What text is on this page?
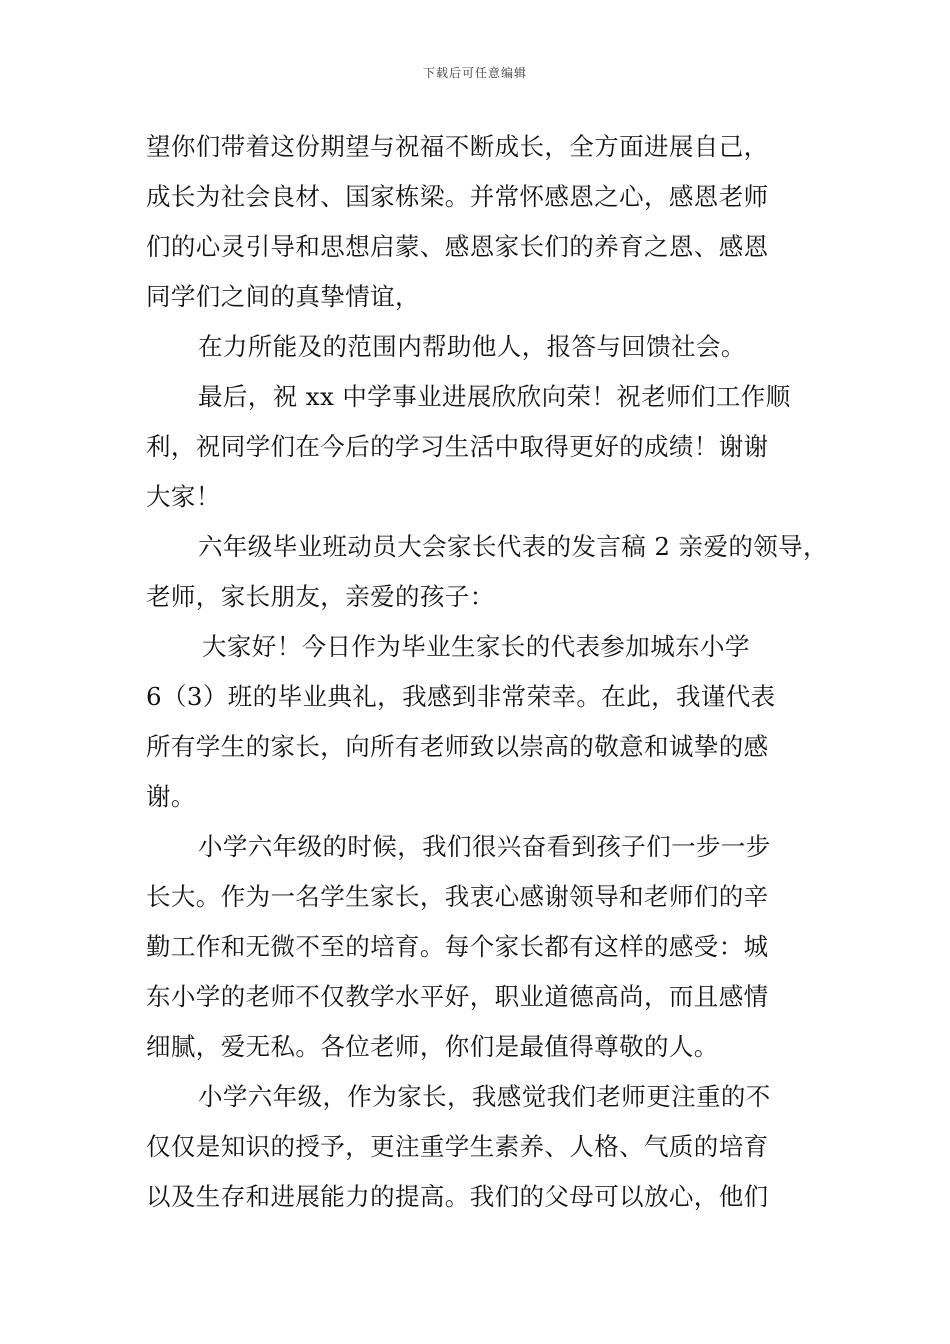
下载后可任意编辑
望你们带着这份期望与祝福不断成长，全方面进展自己，
成长为社会良材、国家栋梁。并常怀感恩之心，感恩老师
们的心灵引导和思想启蒙、感恩家长们的养育之恩、感恩
同学们之间的真挚情谊，
在力所能及的范围内帮助他人，报答与回馈社会。
最后，祝 xx 中学事业进展欣欣向荣！祝老师们工作顺
利，祝同学们在今后的学习生活中取得更好的成绩！谢谢
大家！
六年级毕业班动员大会家长代表的发言稿 2 亲爱的领导，
老师，家长朋友，亲爱的孩子：
大家好！今日作为毕业生家长的代表参加城东小学
6（3）班的毕业典礼，我感到非常荣幸。在此，我谨代表
所有学生的家长，向所有老师致以崇高的敬意和诚挚的感
谢。
小学六年级的时候，我们很兴奋看到孩子们一步一步
长大。作为一名学生家长，我衷心感谢领导和老师们的辛
勤工作和无微不至的培育。每个家长都有这样的感受：城
东小学的老师不仅教学水平好，职业道德高尚，而且感情
细腻，爱无私。各位老师，你们是最值得尊敬的人。
小学六年级，作为家长，我感觉我们老师更注重的不
仅仅是知识的授予，更注重学生素养、人格、气质的培育
以及生存和进展能力的提高。我们的父母可以放心，他们
